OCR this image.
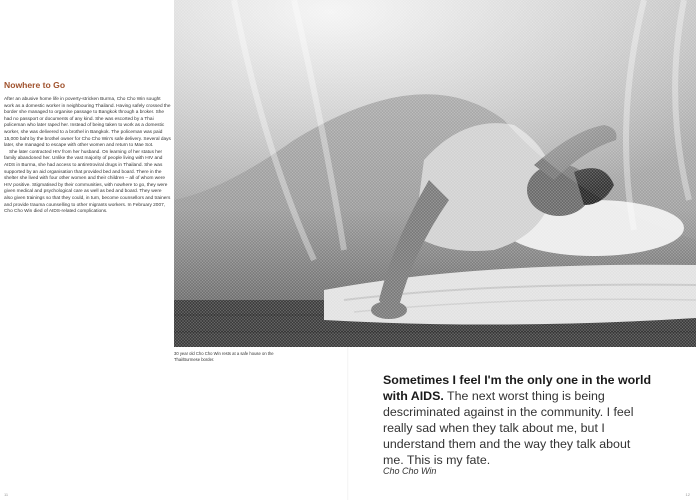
Nowhere to Go

After an abusive home life in poverty-stricken Burma, Cho Cho Win sought work as a domestic worker in neighbouring Thailand. Having safely crossed the border she managed to organise passage to Bangkok through a broker. She had no passport or documents of any kind. She was escorted by a Thai policeman who later raped her. Instead of being taken to work as a domestic worker, she was delivered to a brothel in Bangkok. The policeman was paid 15,000 baht by the brothel owner for Cho Cho Win's safe delivery. Several days later, she managed to escape with other women and return to Mae Sot.

She later contracted HIV from her husband. On learning of her status her family abandoned her. Unlike the vast majority of people living with HIV and AIDS in Burma, she had access to antiretroviral drugs in Thailand. She was supported by an aid organisation that provided bed and board. There in the shelter she lived with four other women and their children – all of whom were HIV positive. Stigmatised by their communities, with nowhere to go, they were given medical and psychological care as well as bed and board. They were also given trainings so that they could, in turn, become counsellors and trainers and provide trauma counselling to other migrants workers. In February 2007, Cho Cho Win died of AIDS-related complications.

30 year old Cho Cho Win rests at a safe house on the Thai/Burmese border.

Sometimes I feel I'm the only one in the world with AIDS. The next worst thing is being descriminated against in the community. I feel really sad when they talk about me, but I understand them and the way they talk about me. This is my fate.

Cho Cho Win
11	12
